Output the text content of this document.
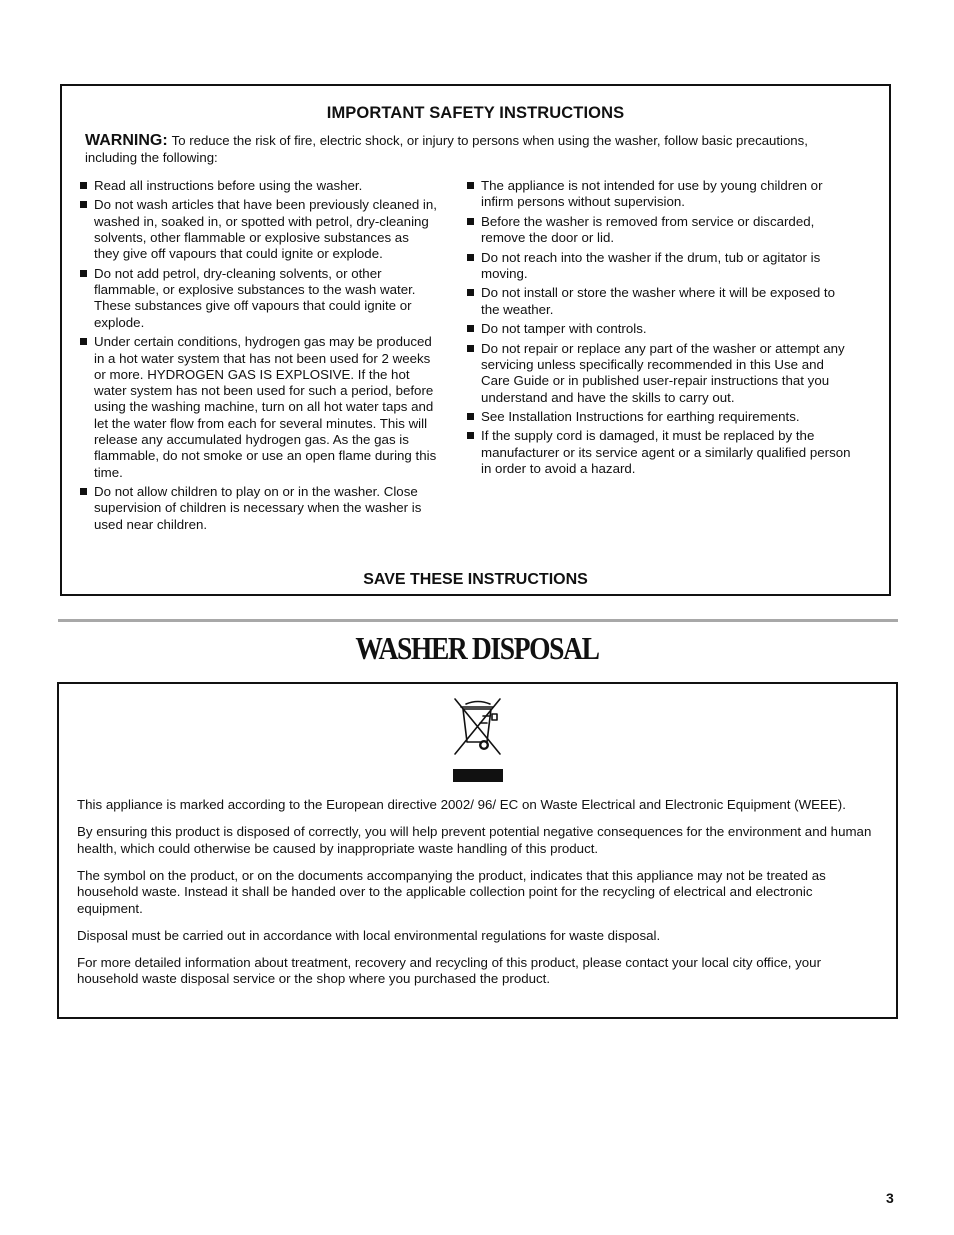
IMPORTANT SAFETY INSTRUCTIONS
WARNING: To reduce the risk of fire, electric shock, or injury to persons when using the washer, follow basic precautions, including the following:
Read all instructions before using the washer.
Do not wash articles that have been previously cleaned in, washed in, soaked in, or spotted with petrol, dry-cleaning solvents, other flammable or explosive substances as they give off vapours that could ignite or explode.
Do not add petrol, dry-cleaning solvents, or other flammable, or explosive substances to the wash water. These substances give off vapours that could ignite or explode.
Under certain conditions, hydrogen gas may be produced in a hot water system that has not been used for 2 weeks or more. HYDROGEN GAS IS EXPLOSIVE. If the hot water system has not been used for such a period, before using the washing machine, turn on all hot water taps and let the water flow from each for several minutes. This will release any accumulated hydrogen gas. As the gas is flammable, do not smoke or use an open flame during this time.
Do not allow children to play on or in the washer. Close supervision of children is necessary when the washer is used near children.
The appliance is not intended for use by young children or infirm persons without supervision.
Before the washer is removed from service or discarded, remove the door or lid.
Do not reach into the washer if the drum, tub or agitator is moving.
Do not install or store the washer where it will be exposed to the weather.
Do not tamper with controls.
Do not repair or replace any part of the washer or attempt any servicing unless specifically recommended in this Use and Care Guide or in published user-repair instructions that you understand and have the skills to carry out.
See Installation Instructions for earthing requirements.
If the supply cord is damaged, it must be replaced by the manufacturer or its service agent or a similarly qualified person in order to avoid a hazard.
SAVE THESE INSTRUCTIONS
WASHER DISPOSAL

This appliance is marked according to the European directive 2002/ 96/ EC on Waste Electrical and Electronic Equipment (WEEE).

By ensuring this product is disposed of correctly, you will help prevent potential negative consequences for the environment and human health, which could otherwise be caused by inappropriate waste handling of this product.

The symbol on the product, or on the documents accompanying the product, indicates that this appliance may not be treated as household waste. Instead it shall be handed over to the applicable collection point for the recycling of electrical and electronic equipment.

Disposal must be carried out in accordance with local environmental regulations for waste disposal.

For more detailed information about treatment, recovery and recycling of this product, please contact your local city office, your household waste disposal service or the shop where you purchased the product.

3
